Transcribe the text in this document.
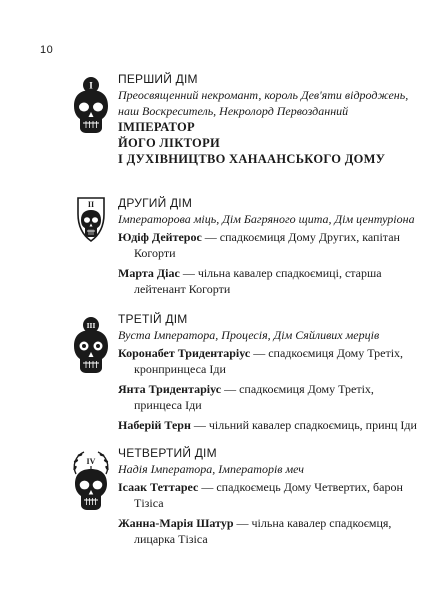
10
I ПЕРШИЙ ДІМ
Преосвященний некромант, король Дев'яти відроджень, наш Воскреситель, Некролорд Первозданний
ІМПЕРАТОР
ЙОГО ЛІКТОРИ
І ДУХІВНИЦТВО ХАНААНСЬКОГО ДОМУ
II ДРУГИЙ ДІМ
Імператорова міць, Дім Багряного щита, Дім центуріона
Юдіф Дейтерос — спадкоємиця Дому Других, капітан Когорти
Марта Діас — чільна кавалер спадкоємиці, старша лейтенант Когорти
III ТРЕТІЙ ДІМ
Вуста Імператора, Процесія, Дім Сяйливих мерців
Коронабет Тридентаріус — спадкоємиця Дому Третіх, кронпринцеса Іди
Янта Тридентаріус — спадкоємиця Дому Третіх, принцеса Іди
Наберій Терн — чільний кавалер спадкоємиць, принц Іди
IV
ЧЕТВЕРТИЙ ДІМ
Надія Імператора, Імператорів меч
Ісаак Теттарес — спадкоємець Дому Четвертих, барон Тізіса
Жанна-Марія Шатур — чільна кавалер спадкоємця, лицарка Тізіса
